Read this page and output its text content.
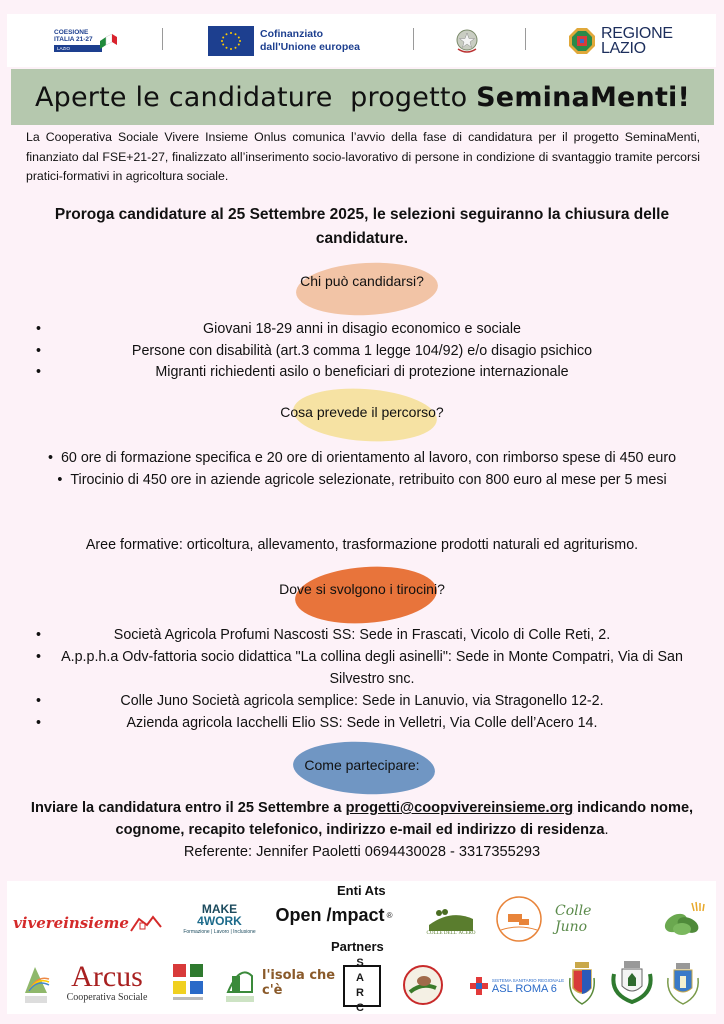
COESIONE
ITALIA 21-27
LAZIO
Cofinanziato
dall'Unione europea
REGIONE
LAZIO
Aperte le candidature  progetto SeminaMenti!

La Cooperativa Sociale Vivere Insieme Onlus comunica l’avvio della fase di candidatura per il progetto SeminaMenti, finanziato dal FSE+21-27, finalizzato all’inserimento socio-lavorativo di persone in condizione di svantaggio tramite percorsi pratici-formativi in agricoltura sociale.

Proroga candidature al 25 Settembre 2025, le selezioni seguiranno la chiusura delle candidature.

Chi può candidarsi?
•	Giovani 18-29 anni in disagio economico e sociale
•	Persone con disabilità (art.3 comma 1 legge 104/92) e/o disagio psichico
•	Migranti richiedenti asilo o beneficiari di protezione internazionale
Cosa prevede il percorso?
• 60 ore di formazione specifica e 20 ore di orientamento al lavoro, con rimborso spese di 450 euro
• Tirocinio di 450 ore in aziende agricole selezionate, retribuito con 800 euro al mese per 5 mesi

Aree formative: orticoltura, allevamento, trasformazione prodotti naturali ed agriturismo.

Dove si svolgono i tirocini?
•	Società Agricola Profumi Nascosti SS: Sede in Frascati, Vicolo di Colle Reti, 2.
• A.p.p.h.a Odv-fattoria socio didattica "La collina degli asinelli": Sede in Monte Compatri, Via di San Silvestro snc.
•	Colle Juno Società agricola semplice: Sede in Lanuvio, via Stragonello 12-2.
•	Azienda agricola Iacchelli Elio SS: Sede in Velletri, Via Colle dell’Acero 14.
Come partecipare:
Inviare la candidatura entro il 25 Settembre a progetti@coopvivereinsieme.org indicando nome, cognome, recapito telefonico, indirizzo e-mail ed indirizzo di residenza.
Referente: Jennifer Paoletti 0694430028 - 3317355293
Enti Ats
vivereinsieme
MAKE
4WORK
Formazione | Lavoro | Inclusione
Open /mpact ®
COLLE DELL' ACERO
Colle Juno
Partners
Arcus
Cooperativa Sociale
l'isola che c'è
S A R C
SISTEMA SANITARIO REGIONALE
ASL ROMA 6
